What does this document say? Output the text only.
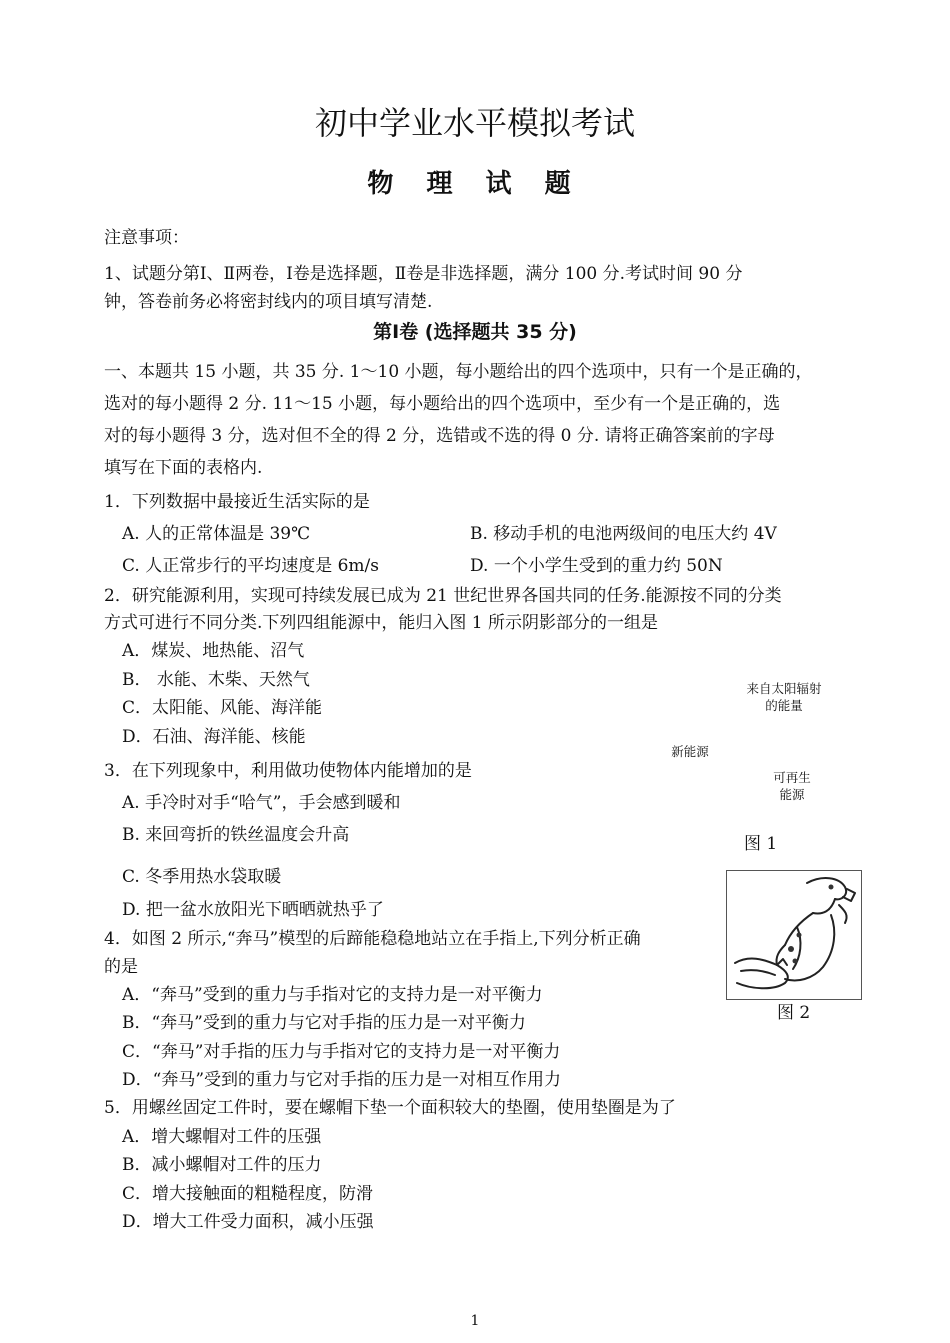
初中学业水平模拟考试
物 理 试 题
注意事项：
1、试题分第Ⅰ、Ⅱ两卷，Ⅰ卷是选择题，Ⅱ卷是非选择题，满分 100 分.考试时间 90 分
钟，答卷前务必将密封线内的项目填写清楚.
第Ⅰ卷 (选择题共 35 分)
一、本题共 15 小题，共 35 分. 1～10 小题，每小题给出的四个选项中，只有一个是正确的，
选对的每小题得 2 分. 11～15 小题，每小题给出的四个选项中，至少有一个是正确的，选
对的每小题得 3 分，选对但不全的得 2 分，选错或不选的得 0 分. 请将正确答案前的字母
填写在下面的表格内.
1．下列数据中最接近生活实际的是
A. 人的正常体温是 39℃	B. 移动手机的电池两级间的电压大约 4V
C. 人正常步行的平均速度是 6m/s	D. 一个小学生受到的重力约 50N
2．研究能源利用，实现可持续发展已成为 21 世纪世界各国共同的任务.能源按不同的分类
方式可进行不同分类.下列四组能源中，能归入图 1 所示阴影部分的一组是
A．煤炭、地热能、沼气
B． 水能、木柴、天然气
C．太阳能、风能、海洋能
D．石油、海洋能、核能
来自太阳辐射
的能量
新能源
可再生
能源
图 1
3．在下列现象中，利用做功使物体内能增加的是
A. 手冷时对手“哈气”，手会感到暖和
B. 来回弯折的铁丝温度会升高
C. 冬季用热水袋取暖
D. 把一盆水放阳光下晒晒就热乎了
图 2
4．如图 2 所示,“奔马”模型的后蹄能稳稳地站立在手指上,下列分析正确
的是
A．“奔马”受到的重力与手指对它的支持力是一对平衡力
B．“奔马”受到的重力与它对手指的压力是一对平衡力
C．“奔马”对手指的压力与手指对它的支持力是一对平衡力
D．“奔马”受到的重力与它对手指的压力是一对相互作用力
5．用螺丝固定工件时，要在螺帽下垫一个面积较大的垫圈，使用垫圈是为了
A．增大螺帽对工件的压强
B．减小螺帽对工件的压力
C．增大接触面的粗糙程度，防滑
D．增大工件受力面积，减小压强
1
